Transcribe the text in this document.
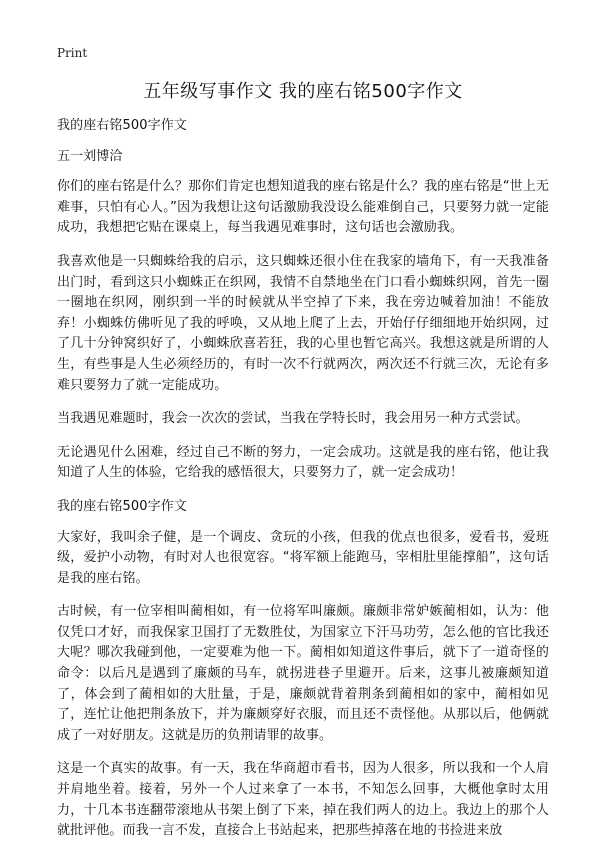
Print
五年级写事作文 我的座右铭500字作文

我的座右铭500字作文

五一刘博洽

你们的座右铭是什么？那你们肯定也想知道我的座右铭是什么？我的座右铭是“世上无难事，只怕有心人。”因为我想让这句话激励我没设么能难倒自己，只要努力就一定能成功，我想把它贴在课桌上，每当我遇见难事时，这句话也会激励我。

我喜欢他是一只蜘蛛给我的启示，这只蜘蛛还很小住在我家的墙角下，有一天我准备出门时，看到这只小蜘蛛正在织网，我情不自禁地坐在门口看小蜘蛛织网，首先一圈一圈地在织网，刚织到一半的时候就从半空掉了下来，我在旁边喊着加油！不能放弃！小蜘蛛仿佛听见了我的呼唤，又从地上爬了上去，开始仔仔细细地开始织网，过了几十分钟窝织好了，小蜘蛛欣喜若狂，我的心里也暂它高兴。我想这就是所谓的人生，有些事是人生必须经历的，有时一次不行就两次，两次还不行就三次，无论有多难只要努力了就一定能成功。

当我遇见难题时，我会一次次的尝试，当我在学特长时，我会用另一种方式尝试。

无论遇见什么困难，经过自己不断的努力，一定会成功。这就是我的座右铭，他让我知道了人生的体验，它给我的感悟很大，只要努力了，就一定会成功！

我的座右铭500字作文

大家好，我叫余子健，是一个调皮、贪玩的小孩，但我的优点也很多，爱看书，爱班级，爱护小动物，有时对人也很宽容。“将军额上能跑马，宰相肚里能撑船”，这句话是我的座右铭。

古时候，有一位宰相叫蔺相如，有一位将军叫廉颇。廉颇非常妒嫉蔺相如，认为：他仅凭口才好，而我保家卫国打了无数胜仗，为国家立下汗马功劳，怎么他的官比我还大呢？哪次我碰到他，一定要难为他一下。蔺相如知道这件事后，就下了一道奇怪的命令：以后凡是遇到了廉颇的马车，就拐进巷子里避开。后来，这事儿被廉颇知道了，体会到了蔺相如的大肚量，于是，廉颇就背着荆条到蔺相如的家中，蔺相如见了，连忙让他把荆条放下，并为廉颇穿好衣服，而且还不责怪他。从那以后，他俩就成了一对好朋友。这就是历的负荆请罪的故事。

这是一个真实的故事。有一天，我在华商超市看书，因为人很多，所以我和一个人肩并肩地坐着。接着，另外一个人过来拿了一本书，不知怎么回事，大概他拿时太用力，十几本书连翻带滚地从书架上倒了下来，掉在我们两人的边上。我边上的那个人就批评他。而我一言不发，直接合上书站起来，把那些掉落在地的书捡进来放
